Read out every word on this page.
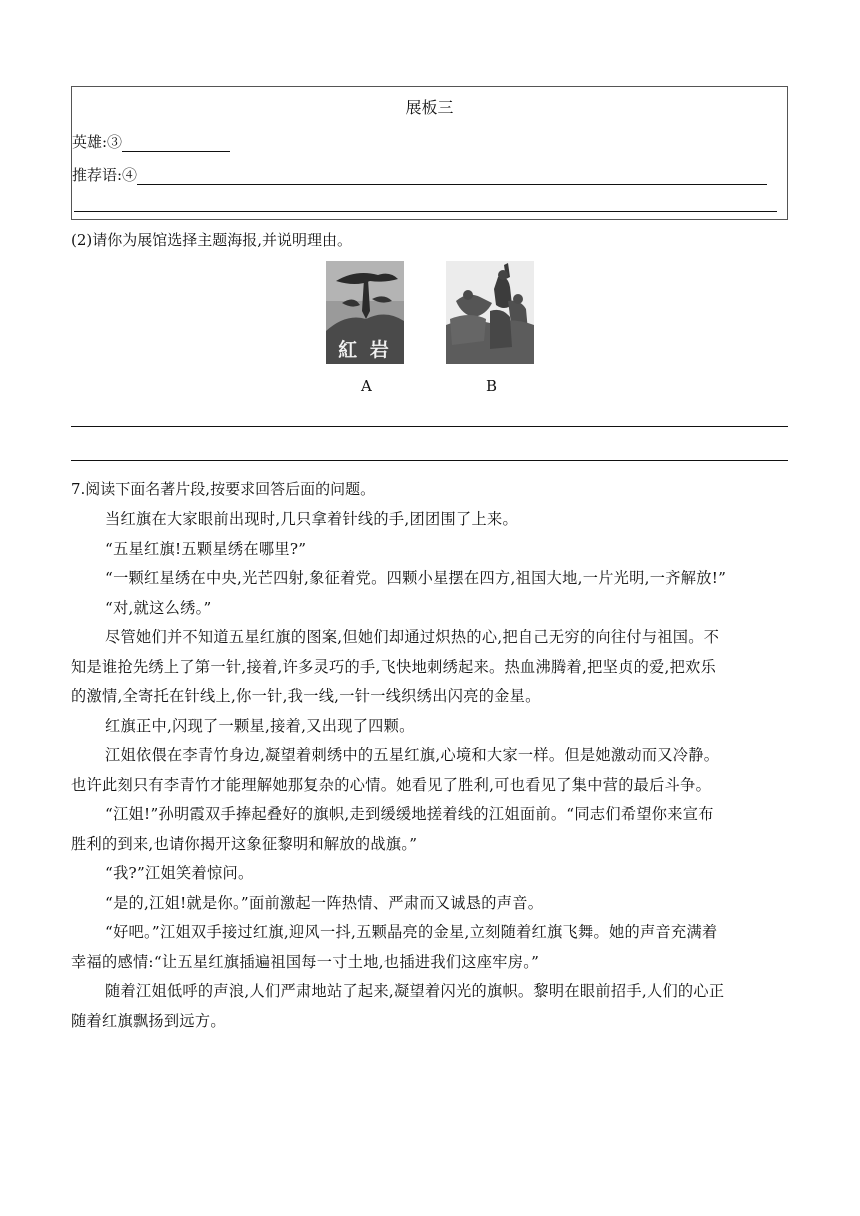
展板三
英雄:③
推荐语:④
(2)请你为展馆选择主题海报,并说明理由。
紅 岩
A	B
7.阅读下面名著片段,按要求回答后面的问题。
当红旗在大家眼前出现时,几只拿着针线的手,团团围了上来。
“五星红旗!五颗星绣在哪里?”
“一颗红星绣在中央,光芒四射,象征着党。四颗小星摆在四方,祖国大地,一片光明,一齐解放!”
“对,就这么绣。”
尽管她们并不知道五星红旗的图案,但她们却通过炽热的心,把自己无穷的向往付与祖国。不
知是谁抢先绣上了第一针,接着,许多灵巧的手,飞快地刺绣起来。热血沸腾着,把坚贞的爱,把欢乐
的激情,全寄托在针线上,你一针,我一线,一针一线织绣出闪亮的金星。
红旗正中,闪现了一颗星,接着,又出现了四颗。
江姐依偎在李青竹身边,凝望着刺绣中的五星红旗,心境和大家一样。但是她激动而又冷静。
也许此刻只有李青竹才能理解她那复杂的心情。她看见了胜利,可也看见了集中营的最后斗争。
“江姐!”孙明霞双手捧起叠好的旗帜,走到缓缓地搓着线的江姐面前。“同志们希望你来宣布
胜利的到来,也请你揭开这象征黎明和解放的战旗。”
“我?”江姐笑着惊问。
“是的,江姐!就是你。”面前激起一阵热情、严肃而又诚恳的声音。
“好吧。”江姐双手接过红旗,迎风一抖,五颗晶亮的金星,立刻随着红旗飞舞。她的声音充满着
幸福的感情:“让五星红旗插遍祖国每一寸土地,也插进我们这座牢房。”
随着江姐低呼的声浪,人们严肃地站了起来,凝望着闪光的旗帜。黎明在眼前招手,人们的心正
随着红旗飘扬到远方。
